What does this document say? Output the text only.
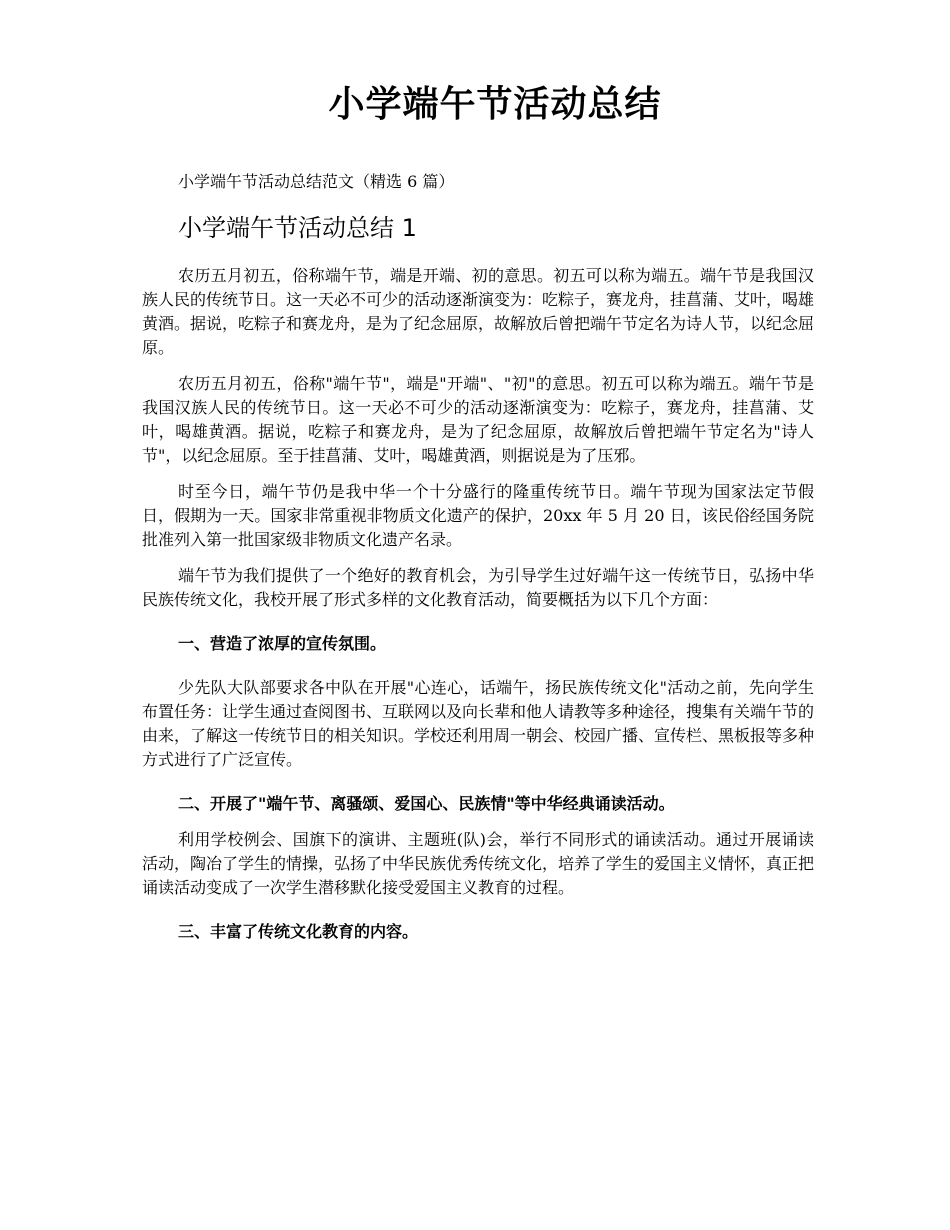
小学端午节活动总结
小学端午节活动总结范文（精选 6 篇）
小学端午节活动总结 1

农历五月初五，俗称端午节，端是开端、初的意思。初五可以称为端五。端午节是我国汉族人民的传统节日。这一天必不可少的活动逐渐演变为：吃粽子，赛龙舟，挂菖蒲、艾叶，喝雄黄酒。据说，吃粽子和赛龙舟，是为了纪念屈原，故解放后曾把端午节定名为诗人节，以纪念屈原。

农历五月初五，俗称"端午节"，端是"开端"、"初"的意思。初五可以称为端五。端午节是我国汉族人民的传统节日。这一天必不可少的活动逐渐演变为：吃粽子，赛龙舟，挂菖蒲、艾叶，喝雄黄酒。据说，吃粽子和赛龙舟，是为了纪念屈原，故解放后曾把端午节定名为"诗人节"，以纪念屈原。至于挂菖蒲、艾叶，喝雄黄酒，则据说是为了压邪。

时至今日，端午节仍是我中华一个十分盛行的隆重传统节日。端午节现为国家法定节假日，假期为一天。国家非常重视非物质文化遗产的保护，20xx 年 5 月 20 日，该民俗经国务院批准列入第一批国家级非物质文化遗产名录。

端午节为我们提供了一个绝好的教育机会，为引导学生过好端午这一传统节日，弘扬中华民族传统文化，我校开展了形式多样的文化教育活动，简要概括为以下几个方面：

一、营造了浓厚的宣传氛围。

少先队大队部要求各中队在开展"心连心，话端午，扬民族传统文化"活动之前，先向学生布置任务：让学生通过查阅图书、互联网以及向长辈和他人请教等多种途径，搜集有关端午节的由来，了解这一传统节日的相关知识。学校还利用周一朝会、校园广播、宣传栏、黑板报等多种方式进行了广泛宣传。

二、开展了"端午节、离骚颂、爱国心、民族情"等中华经典诵读活动。

利用学校例会、国旗下的演讲、主题班(队)会，举行不同形式的诵读活动。通过开展诵读活动，陶冶了学生的情操，弘扬了中华民族优秀传统文化，培养了学生的爱国主义情怀，真正把诵读活动变成了一次学生潜移默化接受爱国主义教育的过程。

三、丰富了传统文化教育的内容。
